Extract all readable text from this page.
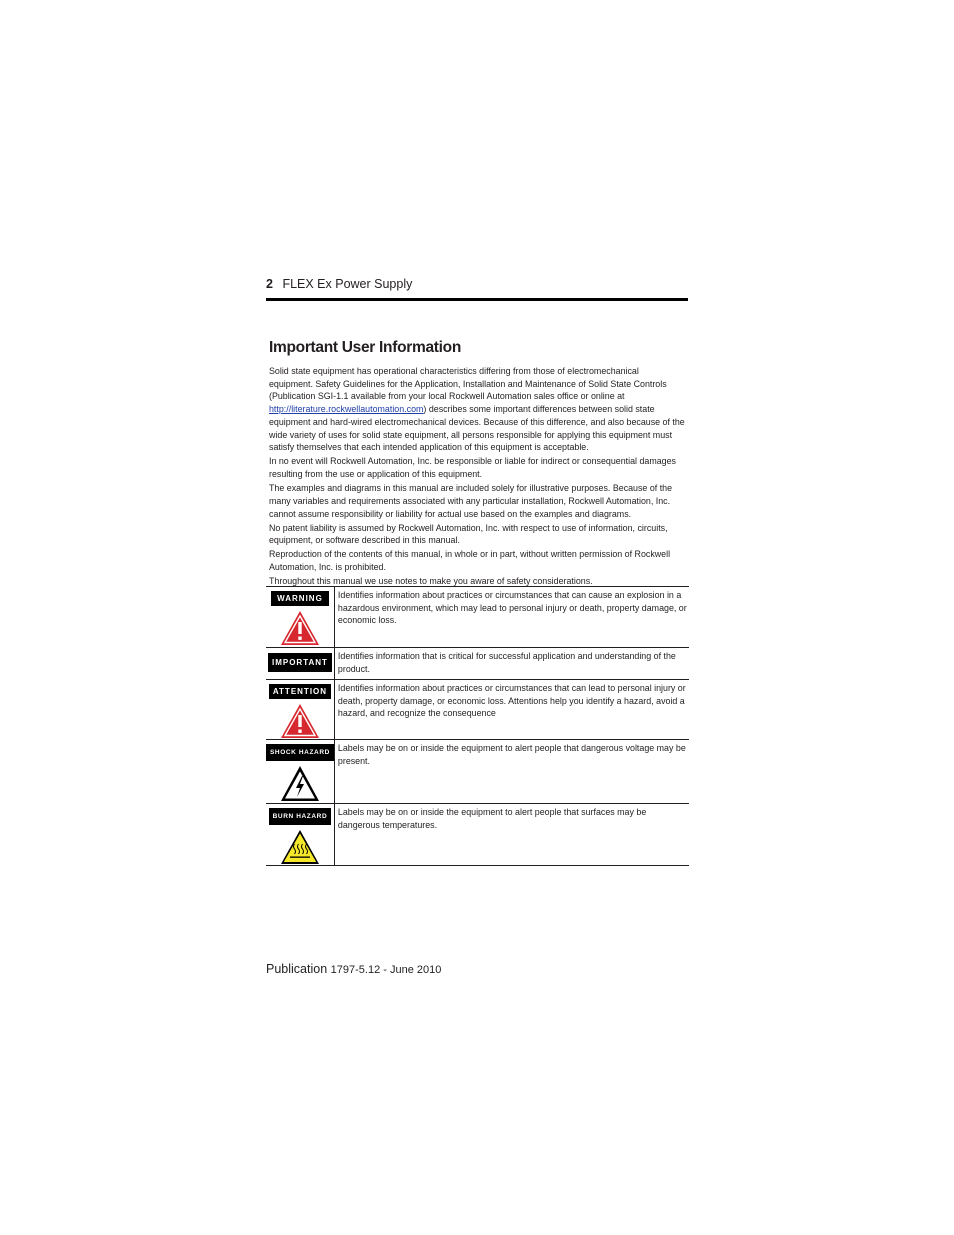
2 FLEX Ex Power Supply
Important User Information

Solid state equipment has operational characteristics differing from those of electromechanical equipment. Safety Guidelines for the Application, Installation and Maintenance of Solid State Controls (Publication SGI-1.1 available from your local Rockwell Automation sales office or online at http://literature.rockwellautomation.com) describes some important differences between solid state equipment and hard-wired electromechanical devices. Because of this difference, and also because of the wide variety of uses for solid state equipment, all persons responsible for applying this equipment must satisfy themselves that each intended application of this equipment is acceptable.

In no event will Rockwell Automation, Inc. be responsible or liable for indirect or consequential damages resulting from the use or application of this equipment.

The examples and diagrams in this manual are included solely for illustrative purposes. Because of the many variables and requirements associated with any particular installation, Rockwell Automation, Inc. cannot assume responsibility or liability for actual use based on the examples and diagrams.

No patent liability is assumed by Rockwell Automation, Inc. with respect to use of information, circuits, equipment, or software described in this manual.

Reproduction of the contents of this manual, in whole or in part, without written permission of Rockwell Automation, Inc. is prohibited.

Throughout this manual we use notes to make you aware of safety considerations.

WARNING	Identifies information about practices or circumstances that can cause an explosion in a hazardous environment, which may lead to personal injury or death, property damage, or economic loss.
IMPORTANT	Identifies information that is critical for successful application and understanding of the product.
ATTENTION	Identifies information about practices or circumstances that can lead to personal injury or death, property damage, or economic loss. Attentions help you identify a hazard, avoid a hazard, and recognize the consequence
SHOCK HAZARD	Labels may be on or inside the equipment to alert people that dangerous voltage may be present.
BURN HAZARD	Labels may be on or inside the equipment to alert people that surfaces may be dangerous temperatures.
Publication 1797-5.12 - June 2010
